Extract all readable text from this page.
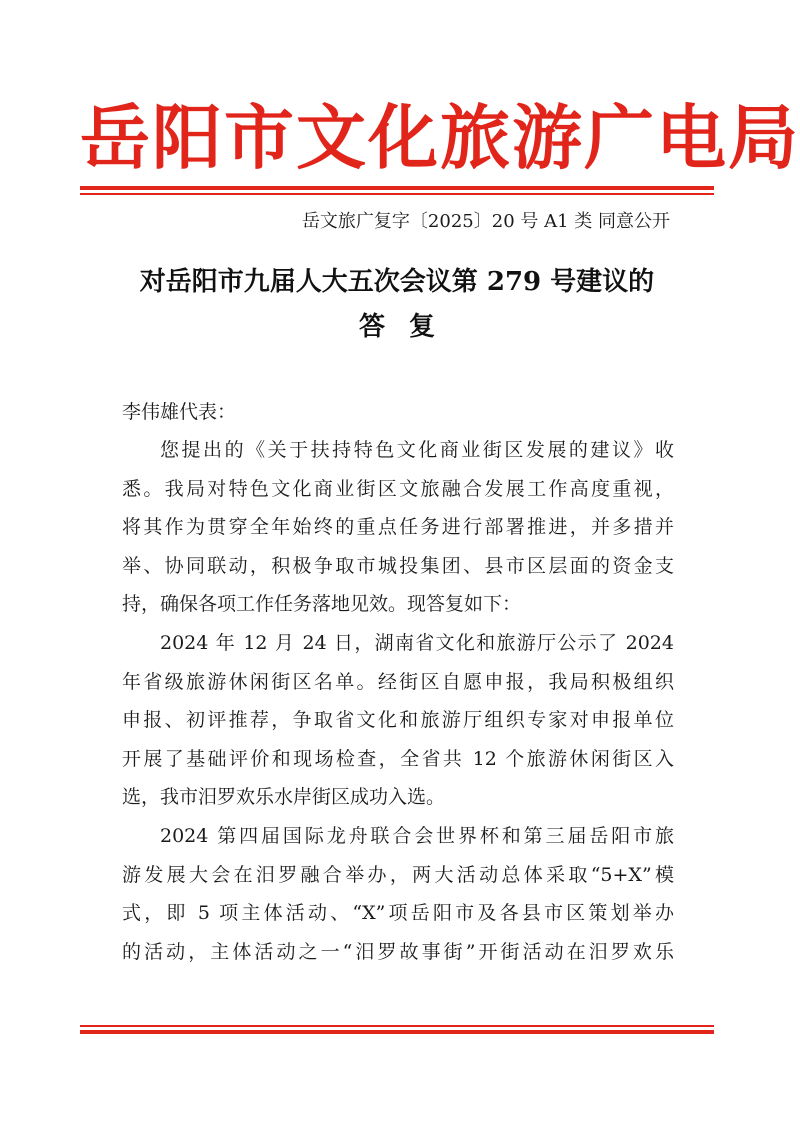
岳阳市文化旅游广电局
岳文旅广复字〔2025〕20 号 A1 类 同意公开
对岳阳市九届人大五次会议第 279 号建议的
答复

李伟雄代表：

您提出的《关于扶持特色文化商业街区发展的建议》收
悉。我局对特色文化商业街区文旅融合发展工作高度重视，
将其作为贯穿全年始终的重点任务进行部署推进，并多措并
举、协同联动，积极争取市城投集团、县市区层面的资金支
持，确保各项工作任务落地见效。现答复如下：

2024 年 12 月 24 日，湖南省文化和旅游厅公示了 2024
年省级旅游休闲街区名单。经街区自愿申报，我局积极组织
申报、初评推荐，争取省文化和旅游厅组织专家对申报单位
开展了基础评价和现场检查，全省共 12 个旅游休闲街区入
选，我市汨罗欢乐水岸街区成功入选。

2024 第四届国际龙舟联合会世界杯和第三届岳阳市旅
游发展大会在汨罗融合举办，两大活动总体采取“5+X”模
式，即 5 项主体活动、“X”项岳阳市及各县市区策划举办
的活动，主体活动之一“汨罗故事街”开街活动在汨罗欢乐
